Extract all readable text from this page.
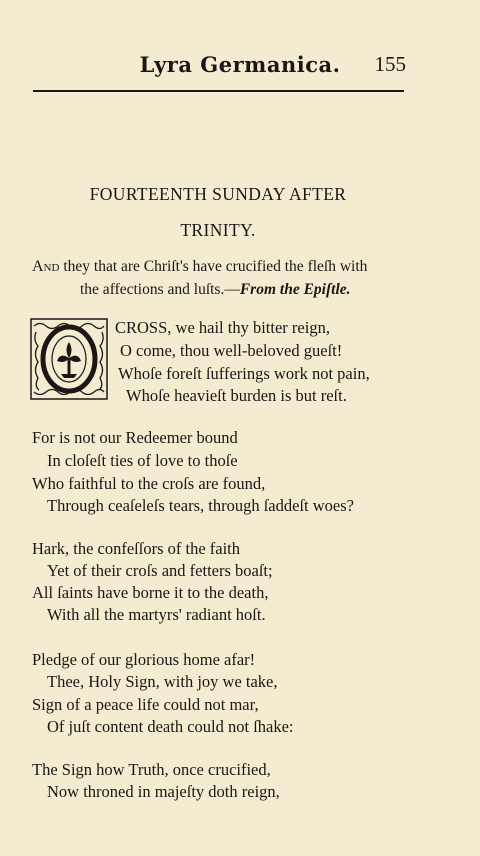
Lyra Germanica.	155
FOURTEENTH SUNDAY AFTER
TRINITY.
And they that are Chriſt's have crucified the fleſh with
the affections and luſts.—From the Epiſtle.
O	CROSS, we hail thy bitter reign,
O come, thou well-beloved gueſt!
Whoſe foreſt ſufferings work not pain,
Whoſe heavieſt burden is but reſt.
For is not our Redeemer bound
In cloſeſt ties of love to thoſe
Who faithful to the croſs are found,
Through ceaſeleſs tears, through ſaddeſt woes?
Hark, the confeſſors of the faith
Yet of their croſs and fetters boaſt;
All ſaints have borne it to the death,
With all the martyrs' radiant hoſt.
Pledge of our glorious home afar!
Thee, Holy Sign, with joy we take,
Sign of a peace life could not mar,
Of juſt content death could not ſhake:
The Sign how Truth, once crucified,
Now throned in majeſty doth reign,
